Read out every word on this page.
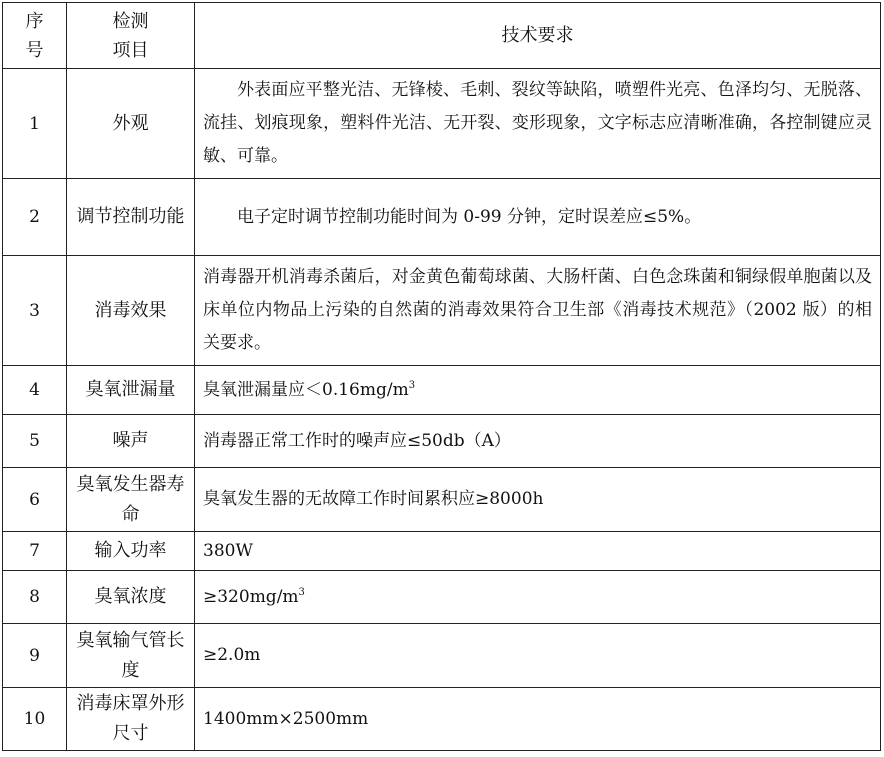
序号	检测项目	技术要求
1	外观	外表面应平整光洁、无锋棱、毛刺、裂纹等缺陷，喷塑件光亮、色泽均匀、无脱落、流挂、划痕现象，塑料件光洁、无开裂、变形现象，文字标志应清晰准确，各控制键应灵敏、可靠。

2	调节控制功能	电子定时调节控制功能时间为 0-99 分钟，定时误差应≤5%。

3	消毒效果	消毒器开机消毒杀菌后，对金黄色葡萄球菌、大肠杆菌、白色念珠菌和铜绿假单胞菌以及床单位内物品上污染的自然菌的消毒效果符合卫生部《消毒技术规范》（2002 版）的相关要求。

4	臭氧泄漏量	臭氧泄漏量应$<0.16mg/m^3$
5	噪声	消毒器正常工作时的噪声应≤50db（A）
6	臭氧发生器寿命	臭氧发生器的无故障工作时间累积应≥8000h
7	输入功率	380W
8	臭氧浓度	$\ge 320mg/m^3$
9	臭氧输气管长度	≥2.0m
10	消毒床罩外形尺寸	1400mm×2500mm
